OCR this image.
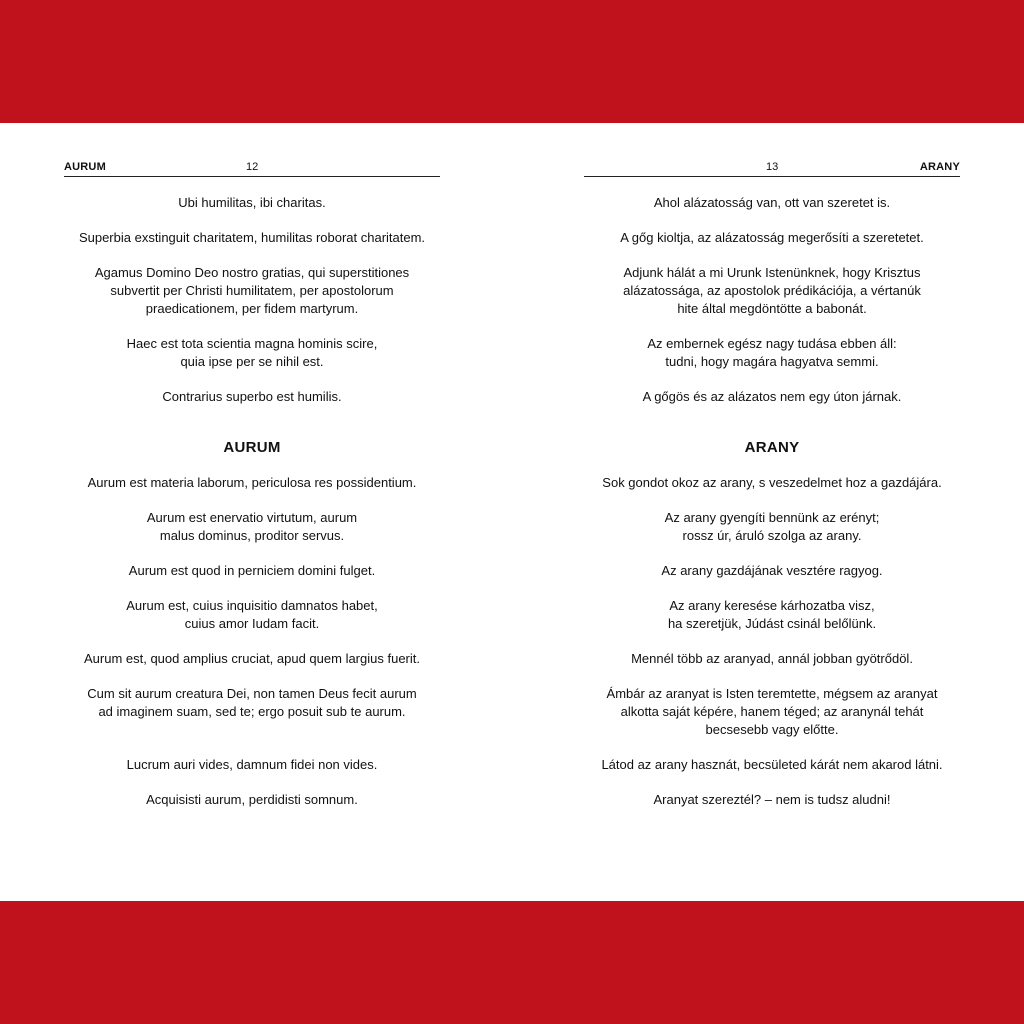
AURUM	12

Ubi humilitas, ibi charitas.

Superbia exstinguit charitatem, humilitas roborat charitatem.

Agamus Domino Deo nostro gratias, qui superstitiones
subvertit per Christi humilitatem, per apostolorum
praedicationem, per fidem martyrum.

Haec est tota scientia magna hominis scire,
quia ipse per se nihil est.

Contrarius superbo est humilis.

AURUM

Aurum est materia laborum, periculosa res possidentium.

Aurum est enervatio virtutum, aurum
malus dominus, proditor servus.

Aurum est quod in perniciem domini fulget.

Aurum est, cuius inquisitio damnatos habet,
cuius amor Iudam facit.

Aurum est, quod amplius cruciat, apud quem largius fuerit.

Cum sit aurum creatura Dei, non tamen Deus fecit aurum
ad imaginem suam, sed te; ergo posuit sub te aurum.

Lucrum auri vides, damnum fidei non vides.

Acquisisti aurum, perdidisti somnum.

13	ARANY

Ahol alázatosság van, ott van szeretet is.

A gőg kioltja, az alázatosság megerősíti a szeretetet.

Adjunk hálát a mi Urunk Istenünknek, hogy Krisztus
alázatossága, az apostolok prédikációja, a vértanúk
hite által megdöntötte a babonát.

Az embernek egész nagy tudása ebben áll:
tudni, hogy magára hagyatva semmi.

A gőgös és az alázatos nem egy úton járnak.

ARANY

Sok gondot okoz az arany, s veszedelmet hoz a gazdájára.

Az arany gyengíti bennünk az erényt;
rossz úr, áruló szolga az arany.

Az arany gazdájának vesztére ragyog.

Az arany keresése kárhozatba visz,
ha szeretjük, Júdást csinál belőlünk.

Mennél több az aranyad, annál jobban gyötrődöl.

Ámbár az aranyat is Isten teremtette, mégsem az aranyat
alkotta saját képére, hanem téged; az aranynál tehát
becsesebb vagy előtte.

Látod az arany hasznát, becsületed kárát nem akarod látni.

Aranyat szereztél? – nem is tudsz aludni!
